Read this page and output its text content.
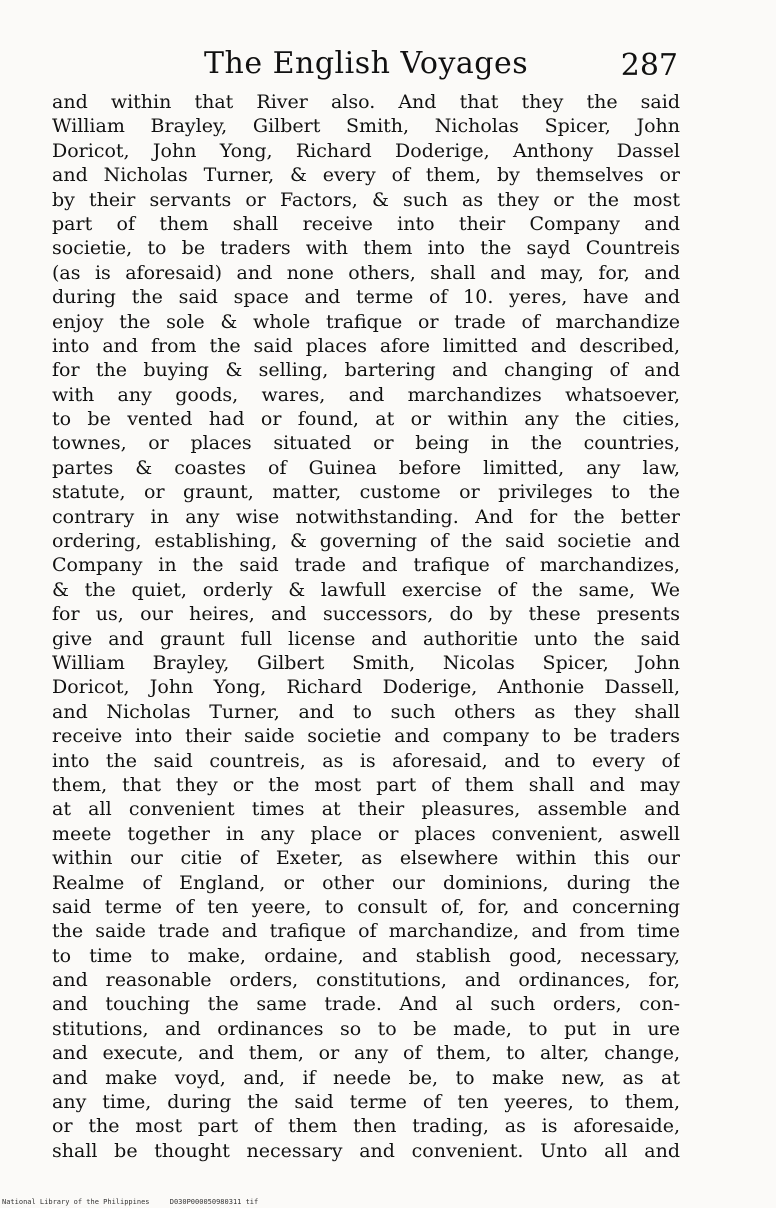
The English Voyages	287
and within that River also. And that they the said
William Brayley, Gilbert Smith, Nicholas Spicer, John
Doricot, John Yong, Richard Doderige, Anthony Dassel
and Nicholas Turner, & every of them, by themselves or
by their servants or Factors, & such as they or the most
part of them shall receive into their Company and
societie, to be traders with them into the sayd Countreis
(as is aforesaid) and none others, shall and may, for, and
during the said space and terme of 10. yeres, have and
enjoy the sole & whole trafique or trade of marchandize
into and from the said places afore limitted and described,
for the buying & selling, bartering and changing of and
with any goods, wares, and marchandizes whatsoever,
to be vented had or found, at or within any the cities,
townes, or places situated or being in the countries,
partes & coastes of Guinea before limitted, any law,
statute, or graunt, matter, custome or privileges to the
contrary in any wise notwithstanding. And for the better
ordering, establishing, & governing of the said societie and
Company in the said trade and trafique of marchandizes,
& the quiet, orderly & lawfull exercise of the same, We
for us, our heires, and successors, do by these presents
give and graunt full license and authoritie unto the said
William Brayley, Gilbert Smith, Nicolas Spicer, John
Doricot, John Yong, Richard Doderige, Anthonie Dassell,
and Nicholas Turner, and to such others as they shall
receive into their saide societie and company to be traders
into the said countreis, as is aforesaid, and to every of
them, that they or the most part of them shall and may
at all convenient times at their pleasures, assemble and
meete together in any place or places convenient, aswell
within our citie of Exeter, as elsewhere within this our
Realme of England, or other our dominions, during the
said terme of ten yeere, to consult of, for, and concerning
the saide trade and trafique of marchandize, and from time
to time to make, ordaine, and stablish good, necessary,
and reasonable orders, constitutions, and ordinances, for,
and touching the same trade. And al such orders, con-
stitutions, and ordinances so to be made, to put in ure
and execute, and them, or any of them, to alter, change,
and make voyd, and, if neede be, to make new, as at
any time, during the said terme of ten yeeres, to them,
or the most part of them then trading, as is aforesaide,
shall be thought necessary and convenient. Unto all and
National Library of the Philippines	D030P000050980311 tif
